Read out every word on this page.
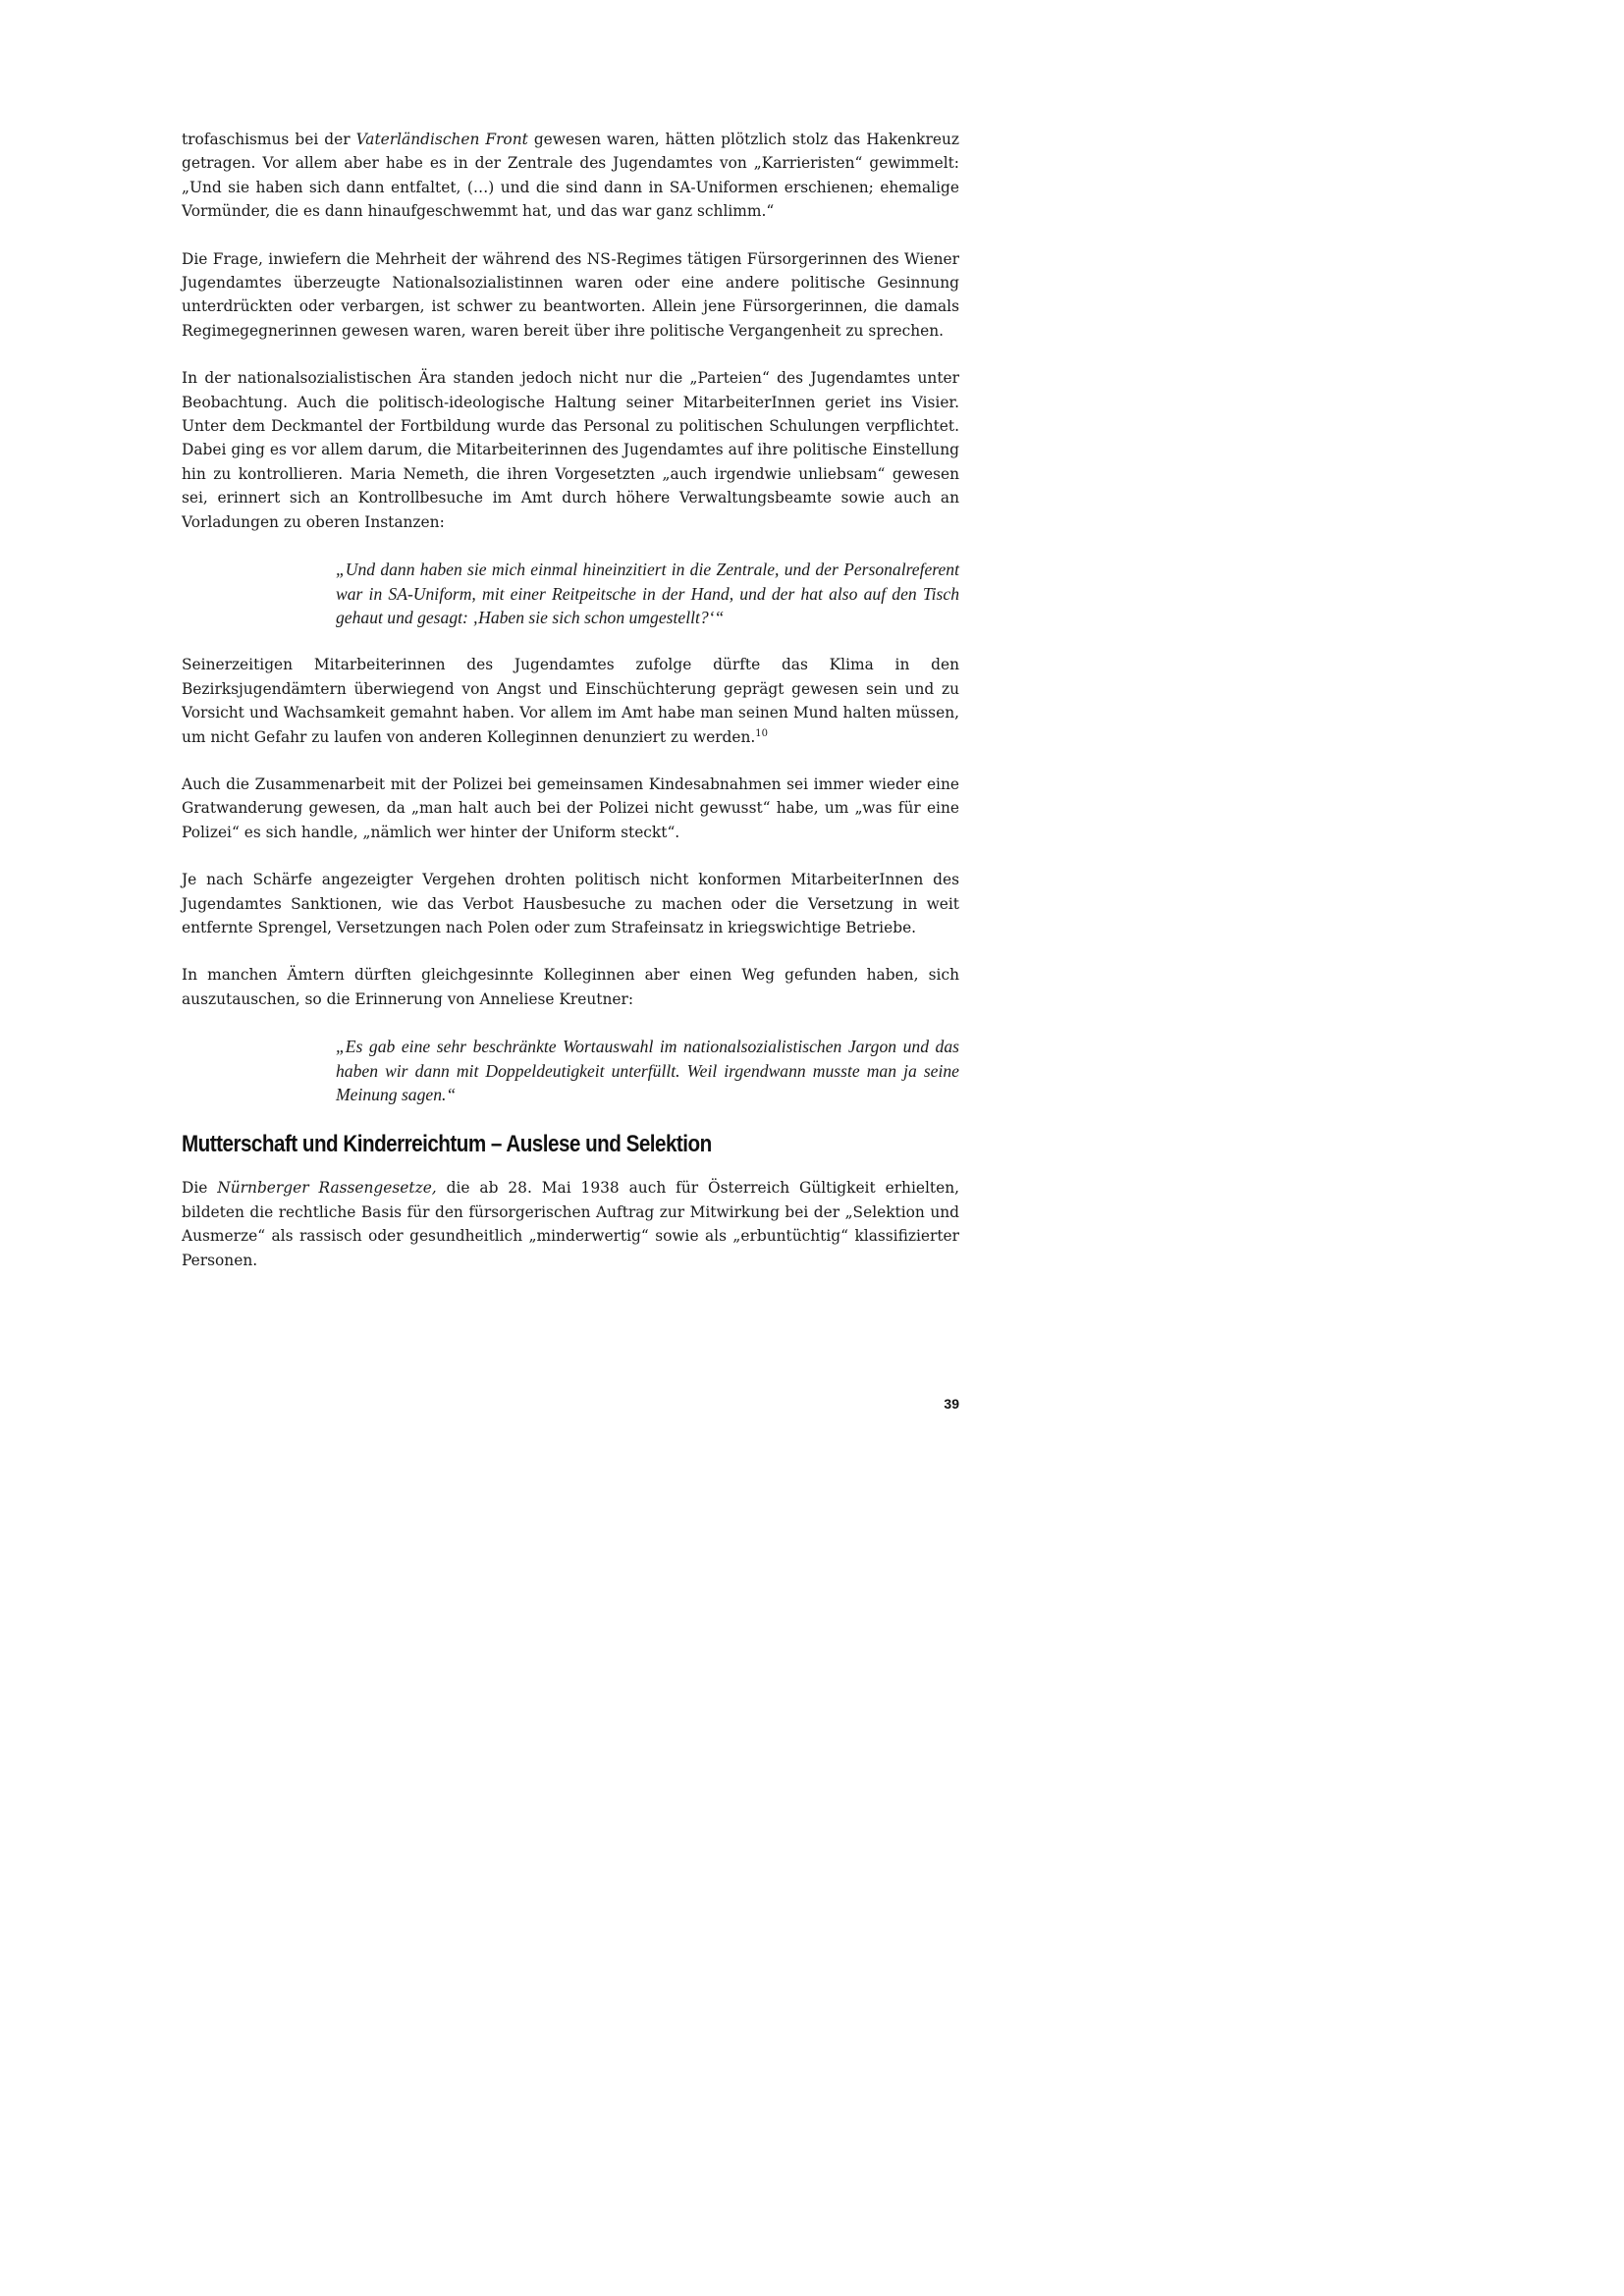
trofaschismus bei der Vaterländischen Front gewesen waren, hätten plötzlich stolz das Hakenkreuz getragen. Vor allem aber habe es in der Zentrale des Jugendamtes von „Karrieristen“ gewimmelt: „Und sie haben sich dann entfaltet, (…) und die sind dann in SA-Uniformen erschienen; ehemalige Vormünder, die es dann hinaufgeschwemmt hat, und das war ganz schlimm.“

Die Frage, inwiefern die Mehrheit der während des NS-Regimes tätigen Fürsorgerinnen des Wiener Jugendamtes überzeugte Nationalsozialistinnen waren oder eine andere politische Gesinnung unterdrückten oder verbargen, ist schwer zu beantworten. Allein jene Fürsorgerinnen, die damals Regimegegnerinnen gewesen waren, waren bereit über ihre politische Vergangenheit zu sprechen.

In der nationalsozialistischen Ära standen jedoch nicht nur die „Parteien“ des Jugendamtes unter Beobachtung. Auch die politisch-ideologische Haltung seiner MitarbeiterInnen geriet ins Visier. Unter dem Deckmantel der Fortbildung wurde das Personal zu politischen Schulungen verpflichtet. Dabei ging es vor allem darum, die Mitarbeiterinnen des Jugendamtes auf ihre politische Einstellung hin zu kontrollieren. Maria Nemeth, die ihren Vorgesetzten „auch irgendwie unliebsam“ gewesen sei, erinnert sich an Kontrollbesuche im Amt durch höhere Verwaltungsbeamte sowie auch an Vorladungen zu oberen Instanzen:

„Und dann haben sie mich einmal hineinzitiert in die Zentrale, und der Personalreferent war in SA-Uniform, mit einer Reitpeitsche in der Hand, und der hat also auf den Tisch gehaut und gesagt: ‚Haben sie sich schon umgestellt?‘“

Seinerzeitigen Mitarbeiterinnen des Jugendamtes zufolge dürfte das Klima in den Bezirksjugendämtern überwiegend von Angst und Einschüchterung geprägt gewesen sein und zu Vorsicht und Wachsamkeit gemahnt haben. Vor allem im Amt habe man seinen Mund halten müssen, um nicht Gefahr zu laufen von anderen Kolleginnen denunziert zu werden.$^{10}$

Auch die Zusammenarbeit mit der Polizei bei gemeinsamen Kindesabnahmen sei immer wieder eine Gratwanderung gewesen, da „man halt auch bei der Polizei nicht gewusst“ habe, um „was für eine Polizei“ es sich handle, „nämlich wer hinter der Uniform steckt“.

Je nach Schärfe angezeigter Vergehen drohten politisch nicht konformen MitarbeiterInnen des Jugendamtes Sanktionen, wie das Verbot Hausbesuche zu machen oder die Versetzung in weit entfernte Sprengel, Versetzungen nach Polen oder zum Strafeinsatz in kriegswichtige Betriebe.

In manchen Ämtern dürften gleichgesinnte Kolleginnen aber einen Weg gefunden haben, sich auszutauschen, so die Erinnerung von Anneliese Kreutner:

„Es gab eine sehr beschränkte Wortauswahl im nationalsozialistischen Jargon und das haben wir dann mit Doppeldeutigkeit unterfüllt. Weil irgendwann musste man ja seine Meinung sagen.“

Mutterschaft und Kinderreichtum – Auslese und Selektion

Die Nürnberger Rassengesetze, die ab 28. Mai 1938 auch für Österreich Gültigkeit erhielten, bildeten die rechtliche Basis für den fürsorgerischen Auftrag zur Mitwirkung bei der „Selektion und Ausmerze“ als rassisch oder gesundheitlich „minderwertig“ sowie als „erbuntüchtig“ klassifizierter Personen.

39
